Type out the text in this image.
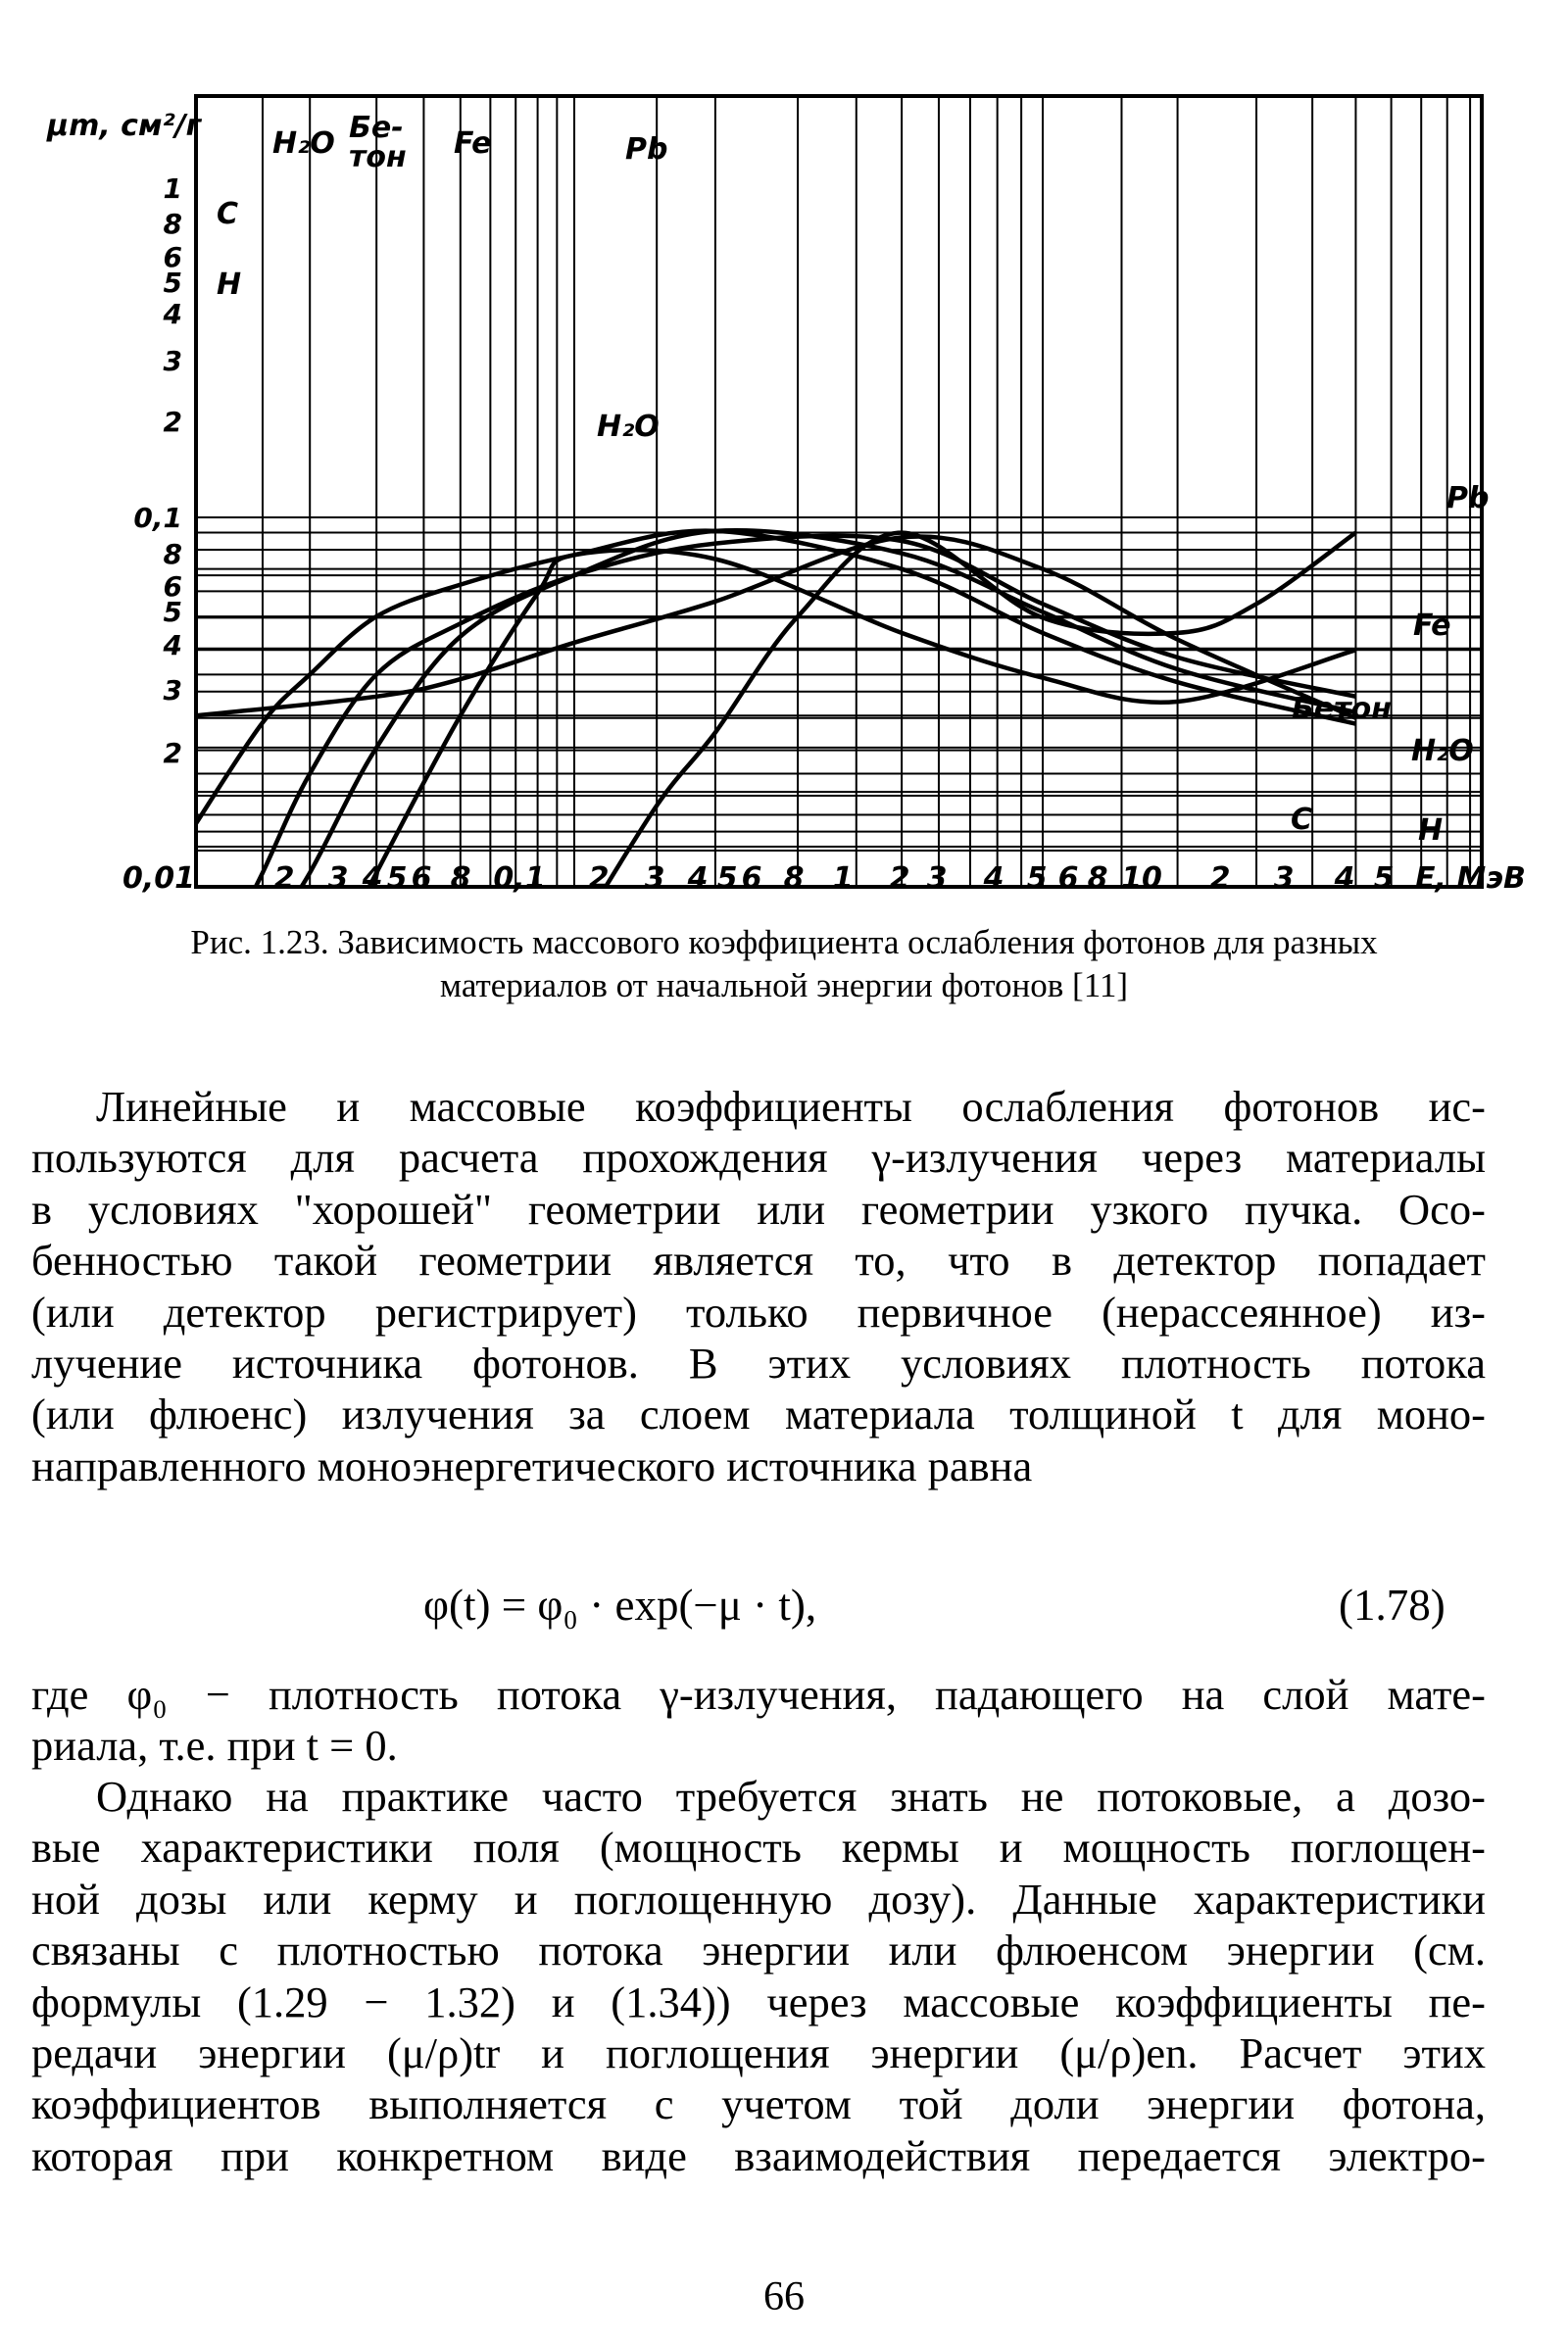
1
8
6
5
4
3
2
0,1
8
6
5
4
3
2
0,01	2 3 4 5 6 8 0,1 2 3 4 5 6 8 1 2 3 4 5 6 8 10 2 3 4 5 E, МэВ
H₂O Бе-
тон Fe	Pb
C
H
H₂O
Pb
Fe
Бетон
H₂O
C	H
μm, см²/г

Рис. 1.23. Зависимость массового коэффициента ослабления фотонов для разных
материалов от начальной энергии фотонов [11]

Линейные и массовые коэффициенты ослабления фотонов ис-
пользуются для расчета прохождения γ-излучения через материалы
в условиях "хорошей" геометрии или геометрии узкого пучка. Осо-
бенностью такой геометрии является то, что в детектор попадает
(или детектор регистрирует) только первичное (нерассеянное) из-
лучение источника фотонов. В этих условиях плотность потока
(или флюенс) излучения за слоем материала толщиной t для моно-
направленного моноэнергетического источника равна
φ(t) = φ₀ · exp(−μ · t),	(1.78)
где φ₀ − плотность потока γ-излучения, падающего на слой мате-
риала, т.е. при t = 0.
Однако на практике часто требуется знать не потоковые, а дозо-
вые характеристики поля (мощность кермы и мощность поглощен-
ной дозы или керму и поглощенную дозу). Данные характеристики
связаны с плотностью потока энергии или флюенсом энергии (см.
формулы (1.29 − 1.32) и (1.34)) через массовые коэффициенты пе-
редачи энергии (μ/ρ)tr и поглощения энергии (μ/ρ)en. Расчет этих
коэффициентов выполняется с учетом той доли энергии фотона,
которая при конкретном виде взаимодействия передается электро-
66
